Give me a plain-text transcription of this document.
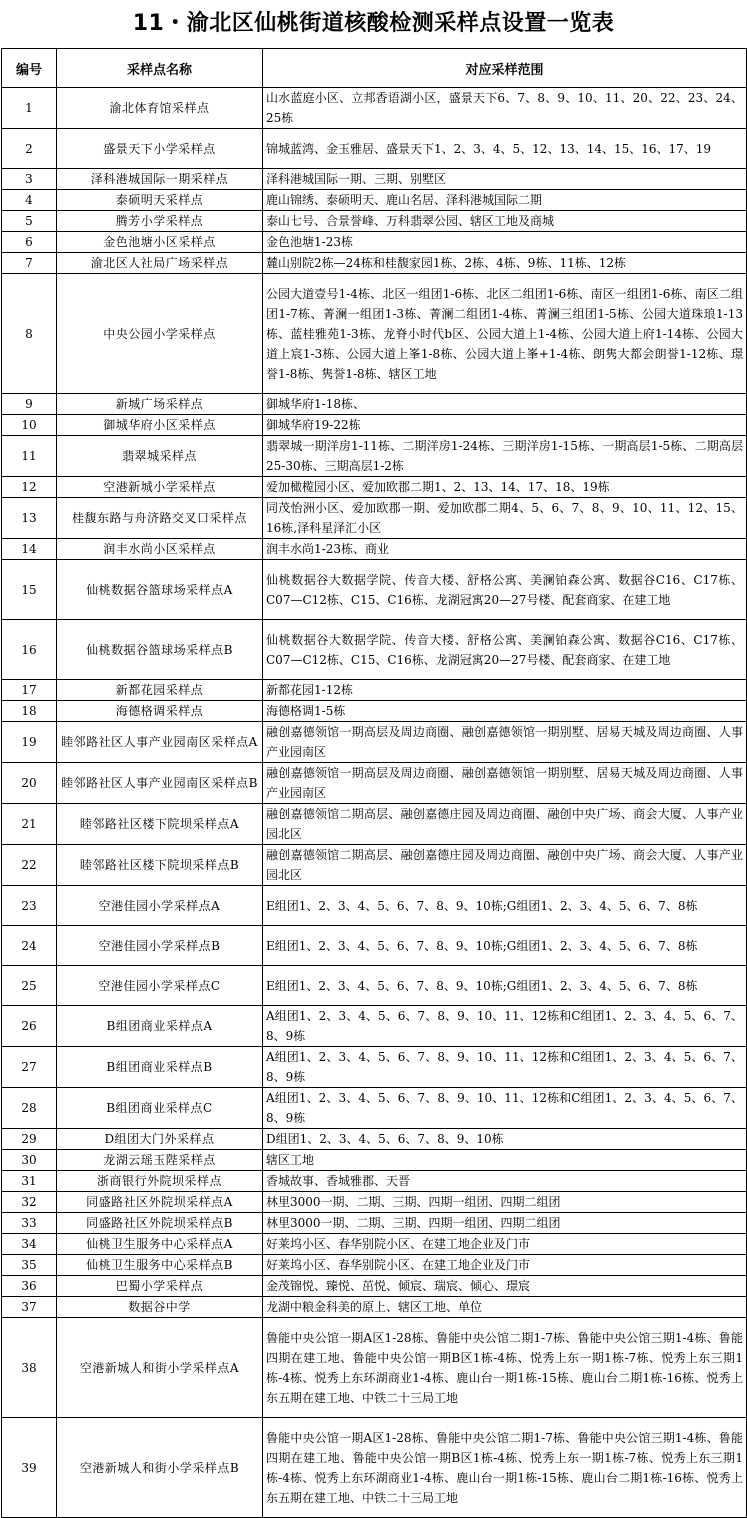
11・渝北区仙桃街道核酸检测采样点设置一览表
编号	采样点名称	对应采样范围
1	渝北体育馆采样点	山水蓝庭小区、立邦香语湖小区，盛景天下6、7、8、9、10、11、20、22、23、24、25栋
2	盛景天下小学采样点	锦城蓝湾、金玉雅居、盛景天下1、2、3、4、5、12、13、14、15、16、17、19
3	泽科港城国际一期采样点	泽科港城国际一期、三期、别墅区
4	泰硕明天采样点	鹿山锦绣、泰硕明天、鹿山名居、泽科港城国际二期
5	腾芳小学采样点	泰山七号、合景誉峰、万科翡翠公园、辖区工地及商城
6	金色池塘小区采样点	金色池塘1-23栋
7	渝北区人社局广场采样点	麓山别院2栋—24栋和桂馥家园1栋、2栋、4栋、9栋、11栋、12栋
8	中央公园小学采样点	公园大道壹号1-4栋、北区一组团1-6栋、北区二组团1-6栋、南区一组团1-6栋、南区二组团1-7栋、菁澜一组团1-3栋、菁澜二组团1-4栋、菁澜三组团1-5栋、公园大道珠琅1-13栋、蓝桂雅苑1-3栋、龙脊小时代b区、公园大道上1-4栋、公园大道上府1-14栋、公园大道上宸1-3栋、公园大道上峯1-8栋、公园大道上峯+1-4栋、朗隽大都会朗誉1-12栋、璟誉1-8栋、隽誉1-8栋、辖区工地
9	新城广场采样点	御城华府1-18栋、
10	御城华府小区采样点	御城华府19-22栋
11	翡翠城采样点	翡翠城一期洋房1-11栋、二期洋房1-24栋、三期洋房1-15栋、一期高层1-5栋、二期高层25-30栋、三期高层1-2栋
12	空港新城小学采样点	爱加橄榄园小区、爱加欧郡二期1、2、13、14、17、18、19栋
13	桂馥东路与舟济路交叉口采样点	同茂怡洲小区、爱加欧郡一期、爱加欧郡二期4、5、6、7、8、9、10、11、12、15、16栋,泽科星泽汇小区
14	润丰水尚小区采样点	润丰水尚1-23栋、商业
15	仙桃数据谷篮球场采样点A	仙桃数据谷大数据学院、传音大楼、舒格公寓、美澜铂森公寓、数据谷C16、C17栋、C07—C12栋、C15、C16栋、龙湖冠寓20—27号楼、配套商家、在建工地
16	仙桃数据谷篮球场采样点B	仙桃数据谷大数据学院、传音大楼、舒格公寓、美澜铂森公寓、数据谷C16、C17栋、C07—C12栋、C15、C16栋、龙湖冠寓20—27号楼、配套商家、在建工地
17	新都花园采样点	新都花园1-12栋
18	海德格调采样点	海德格调1-5栋
19	睦邻路社区人事产业园南区采样点A	融创嘉德领馆一期高层及周边商圈、融创嘉德领馆一期别墅、居易天城及周边商圈、人事产业园南区
20	睦邻路社区人事产业园南区采样点B	融创嘉德领馆一期高层及周边商圈、融创嘉德领馆一期别墅、居易天城及周边商圈、人事产业园南区
21	睦邻路社区楼下院坝采样点A	融创嘉德领馆二期高层、融创嘉德庄园及周边商圈、融创中央广场、商会大厦、人事产业园北区
22	睦邻路社区楼下院坝采样点B	融创嘉德领馆二期高层、融创嘉德庄园及周边商圈、融创中央广场、商会大厦、人事产业园北区
23	空港佳园小学采样点A	E组团1、2、3、4、5、6、7、8、9、10栋;G组团1、2、3、4、5、6、7、8栋
24	空港佳园小学采样点B	E组团1、2、3、4、5、6、7、8、9、10栋;G组团1、2、3、4、5、6、7、8栋
25	空港佳园小学采样点C	E组团1、2、3、4、5、6、7、8、9、10栋;G组团1、2、3、4、5、6、7、8栋
26	B组团商业采样点A	A组团1、2、3、4、5、6、7、8、9、10、11、12栋和C组团1、2、3、4、5、6、7、8、9栋
27	B组团商业采样点B	A组团1、2、3、4、5、6、7、8、9、10、11、12栋和C组团1、2、3、4、5、6、7、8、9栋
28	B组团商业采样点C	A组团1、2、3、4、5、6、7、8、9、10、11、12栋和C组团1、2、3、4、5、6、7、8、9栋
29	D组团大门外采样点	D组团1、2、3、4、5、6、7、8、9、10栋
30	龙湖云瑶玉陛采样点	辖区工地
31	浙商银行外院坝采样点	香城故事、香城雅郡、天晋
32	同盛路社区外院坝采样点A	林里3000一期、二期、三期、四期一组团、四期二组团
33	同盛路社区外院坝采样点B	林里3000一期、二期、三期、四期一组团、四期二组团
34	仙桃卫生服务中心采样点A	好莱坞小区、春华别院小区、在建工地企业及门市
35	仙桃卫生服务中心采样点B	好莱坞小区、春华别院小区、在建工地企业及门市
36	巴蜀小学采样点	金茂锦悦、臻悦、茁悦、倾宸、瑞宸、倾心、璟宸
37	数据谷中学	龙湖中粮金科美的原上、辖区工地、单位
38	空港新城人和街小学采样点A	鲁能中央公馆一期A区1-28栋、鲁能中央公馆二期1-7栋、鲁能中央公馆三期1-4栋、鲁能四期在建工地、鲁能中央公馆一期B区1栋-4栋、悦秀上东一期1栋-7栋、悦秀上东三期1栋-4栋、悦秀上东环湖商业1-4栋、鹿山台一期1栋-15栋、鹿山台二期1栋-16栋、悦秀上东五期在建工地、中铁二十三局工地
39	空港新城人和街小学采样点B	鲁能中央公馆一期A区1-28栋、鲁能中央公馆二期1-7栋、鲁能中央公馆三期1-4栋、鲁能四期在建工地、鲁能中央公馆一期B区1栋-4栋、悦秀上东一期1栋-7栋、悦秀上东三期1栋-4栋、悦秀上东环湖商业1-4栋、鹿山台一期1栋-15栋、鹿山台二期1栋-16栋、悦秀上东五期在建工地、中铁二十三局工地
